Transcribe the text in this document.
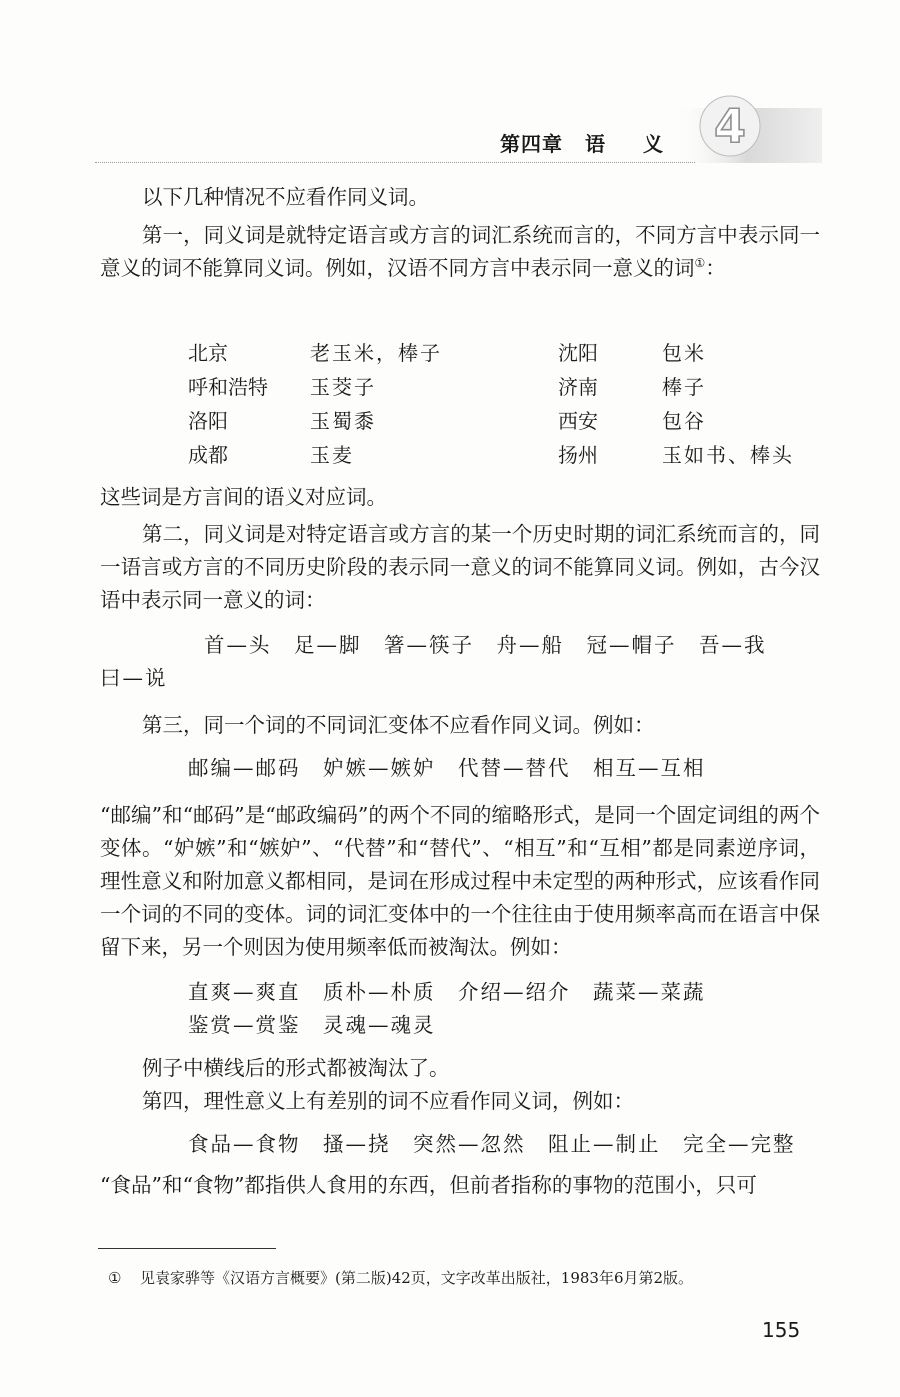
4
第四章 语义

以下几种情况不应看作同义词。

第一，同义词是就特定语言或方言的词汇系统而言的，不同方言中表示同一意义的词不能算同义词。例如，汉语不同方言中表示同一意义的词①：

北京	老玉米，棒子	沈阳	包米
呼和浩特	玉茭子	济南	棒子
洛阳	玉蜀黍	西安	包谷
成都	玉麦	扬州	玉如书、棒头

这些词是方言间的语义对应词。

第二，同义词是对特定语言或方言的某一个历史时期的词汇系统而言的，同一语言或方言的不同历史阶段的表示同一意义的词不能算同义词。例如，古今汉语中表示同一意义的词：

首—头　足—脚　箸—筷子　舟—船　冠—帽子　吾—我

曰—说

第三，同一个词的不同词汇变体不应看作同义词。例如：

邮编—邮码　妒嫉—嫉妒　代替—替代　相互—互相

“邮编”和“邮码”是“邮政编码”的两个不同的缩略形式，是同一个固定词组的两个变体。“妒嫉”和“嫉妒”、“代替”和“替代”、“相互”和“互相”都是同素逆序词，理性意义和附加意义都相同，是词在形成过程中未定型的两种形式，应该看作同一个词的不同的变体。词的词汇变体中的一个往往由于使用频率高而在语言中保留下来，另一个则因为使用频率低而被淘汰。例如：

直爽—爽直　质朴—朴质　介绍—绍介　蔬菜—菜蔬

鉴赏—赏鉴　灵魂—魂灵

例子中横线后的形式都被淘汰了。

第四，理性意义上有差别的词不应看作同义词，例如：

食品—食物　搔—挠　突然—忽然　阻止—制止　完全—完整

“食品”和“食物”都指供人食用的东西，但前者指称的事物的范围小，只可

① 见袁家骅等《汉语方言概要》(第二版)42页，文字改革出版社，1983年6月第2版。
155
